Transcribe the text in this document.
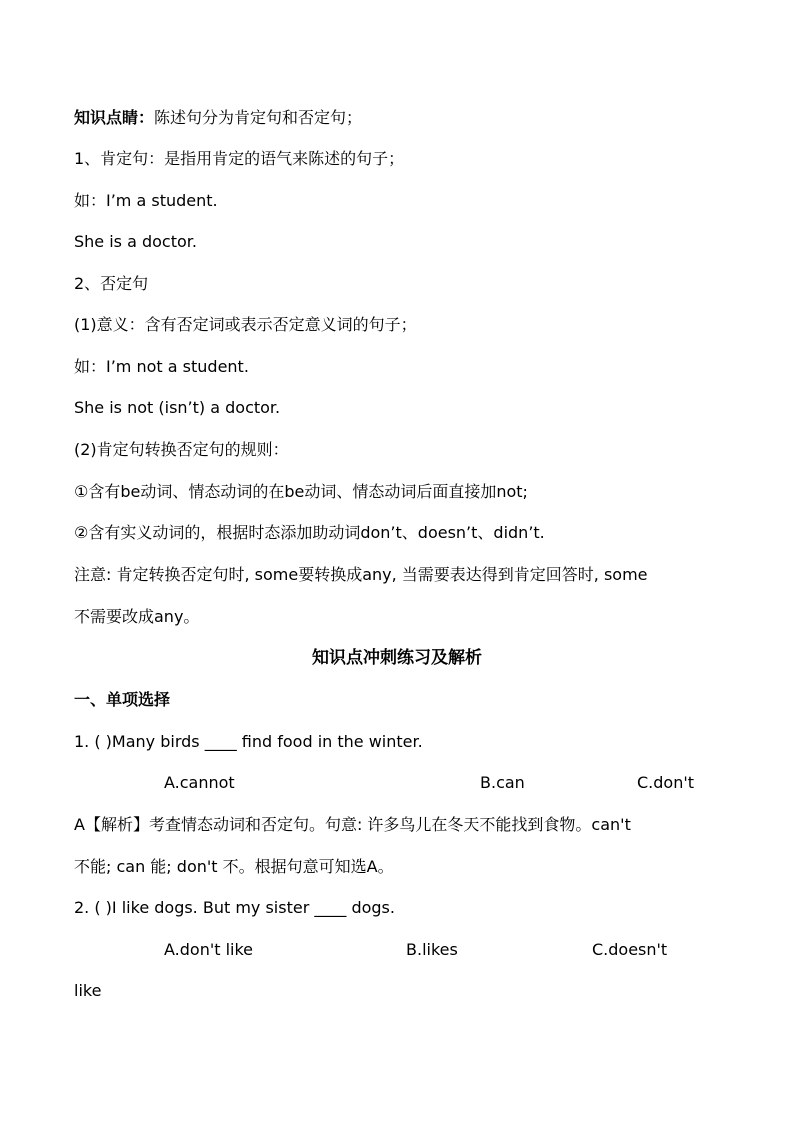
知识点睛：陈述句分为肯定句和否定句；
1、肯定句：是指用肯定的语气来陈述的句子；
如：I’m a student.
She is a doctor.
2、否定句
(1)意义：含有否定词或表示否定意义词的句子；
如：I’m not a student.
She is not (isn’t) a doctor.
(2)肯定句转换否定句的规则：
①含有be动词、情态动词的在be动词、情态动词后面直接加not;
②含有实义动词的，根据时态添加助动词don’t、doesn’t、didn’t.
注意: 肯定转换否定句时, some要转换成any, 当需要表达得到肯定回答时, some
不需要改成any。
知识点冲刺练习及解析
一、单项选择
1. ( )Many birds ____ find food in the winter.
A.cannot	B.can	C.don't
A【解析】考查情态动词和否定句。句意: 许多鸟儿在冬天不能找到食物。can't
不能; can 能; don't 不。根据句意可知选A。
2. ( )I like dogs. But my sister ____ dogs.
A.don't like	B.likes	C.doesn't
like
